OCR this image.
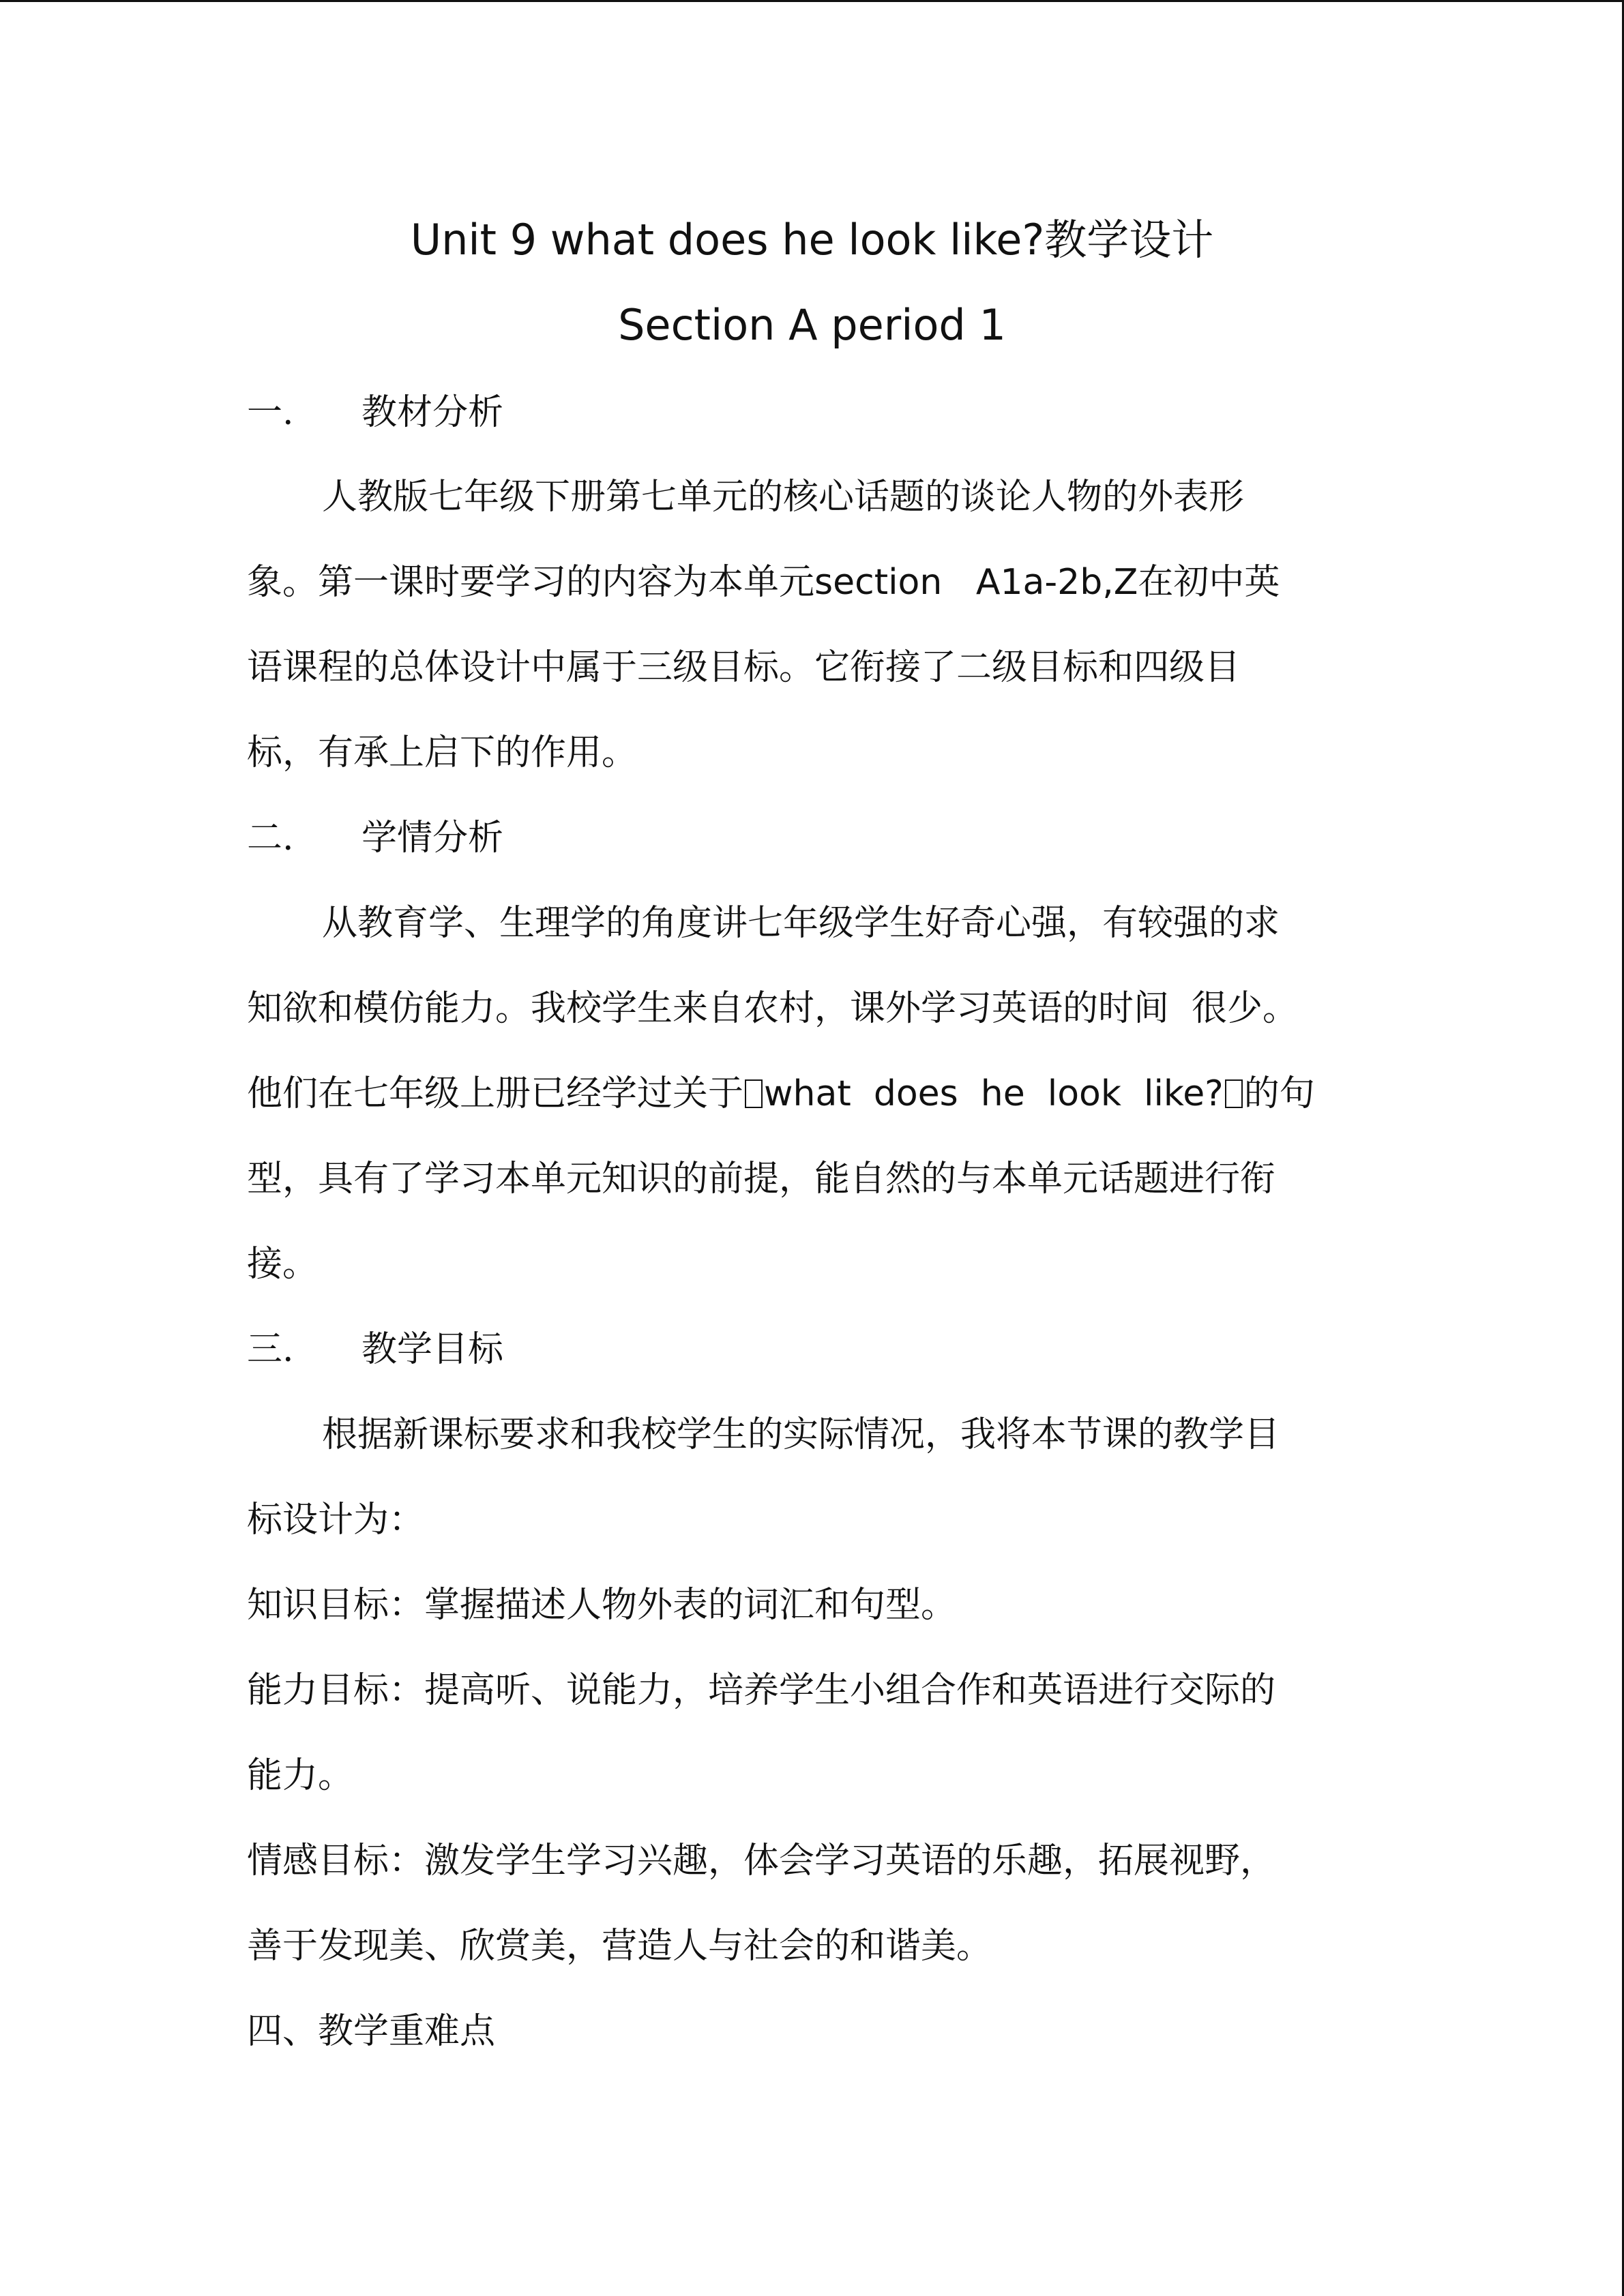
Unit 9 what does he look like?教学设计
Section A period 1
一. 教材分析
人教版七年级下册第七单元的核心话题的谈论人物的外表形
象。第一课时要学习的内容为本单元section   A1a-2b,Z在初中英
语课程的总体设计中属于三级目标。它衔接了二级目标和四级目
标，有承上启下的作用。
二. 学情分析
从教育学、生理学的角度讲七年级学生好奇心强，有较强的求
知欲和模仿能力。我校学生来自农村，课外学习英语的时间  很少。
他们在七年级上册已经学过关于 what  does  he  look  like? 的句
型，具有了学习本单元知识的前提，能自然的与本单元话题进行衔
接。
三. 教学目标
根据新课标要求和我校学生的实际情况，我将本节课的教学目
标设计为：
知识目标：掌握描述人物外表的词汇和句型。
能力目标：提高听、说能力，培养学生小组合作和英语进行交际的
能力。
情感目标：激发学生学习兴趣，体会学习英语的乐趣，拓展视野，
善于发现美、欣赏美，营造人与社会的和谐美。
四、教学重难点
